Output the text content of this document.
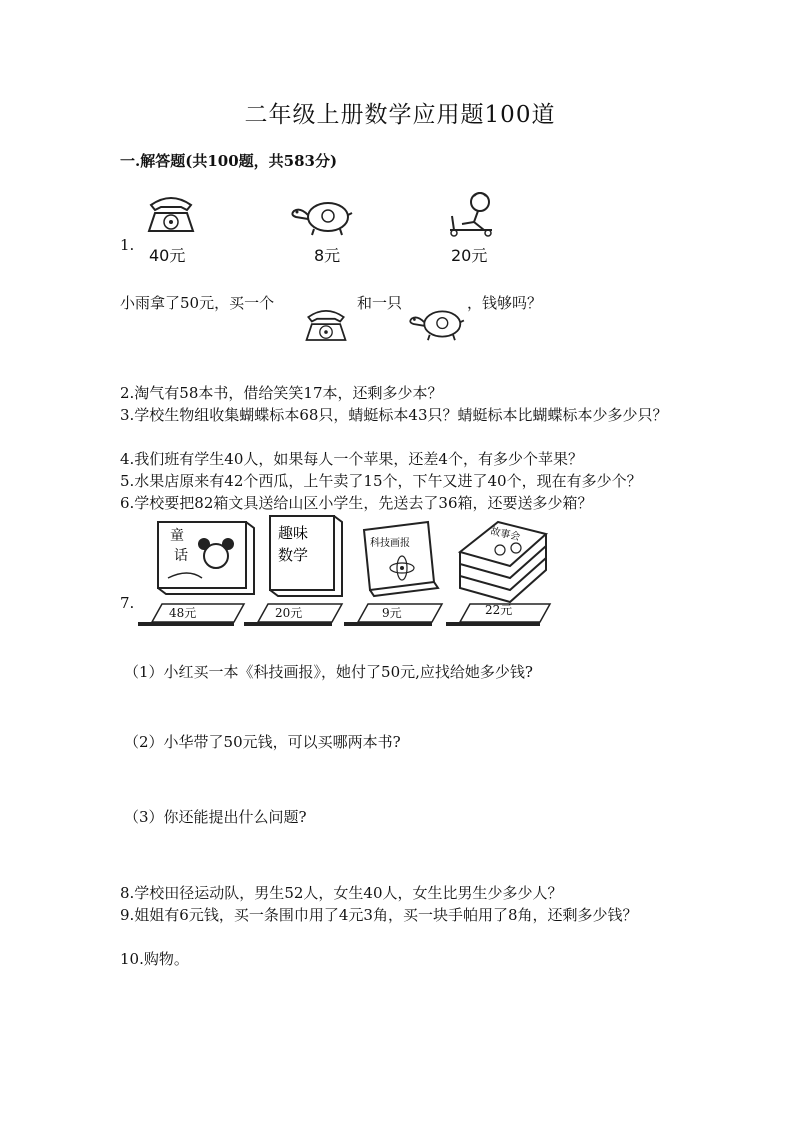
二年级上册数学应用题100道
一.解答题(共100题，共583分)
1.
40元	8元	20元
小雨拿了50元，买一个	和一只	，钱够吗？
2.淘气有58本书，借给笑笑17本，还剩多少本？
3.学校生物组收集蝴蝶标本68只，蜻蜓标本43只？蜻蜓标本比蝴蝶标本少多少只？
4.我们班有学生40人，如果每人一个苹果，还差4个，有多少个苹果？
5.水果店原来有42个西瓜，上午卖了15个，下午又进了40个，现在有多少个？
6.学校要把82箱文具送给山区小学生，先送去了36箱，还要送多少箱？
7.
童
话
趣味
数学
科技画报
故事会
48元	20元	9元	22元
（1）小红买一本《科技画报》，她付了50元,应找给她多少钱?
（2）小华带了50元钱，可以买哪两本书?
（3）你还能提出什么问题?
8.学校田径运动队，男生52人，女生40人，女生比男生少多少人？
9.姐姐有6元钱，买一条围巾用了4元3角，买一块手帕用了8角，还剩多少钱？
10.购物。
